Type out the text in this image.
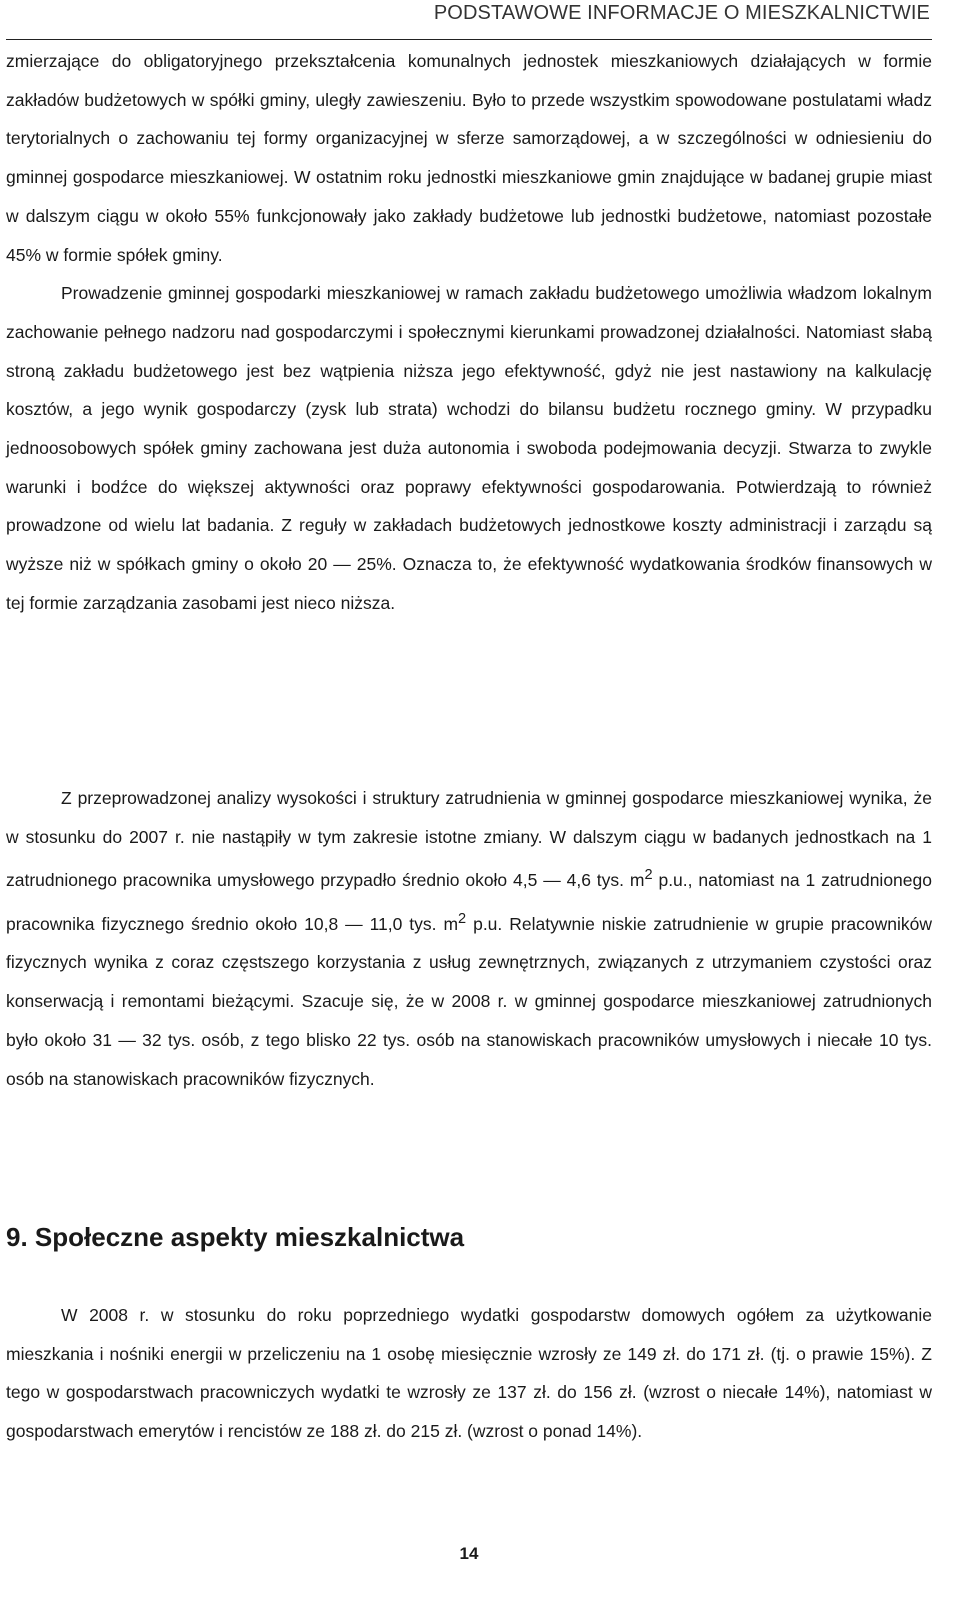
PODSTAWOWE INFORMACJE O MIESZKALNICTWIE

zmierzające do obligatoryjnego przekształcenia komunalnych jednostek mieszkaniowych działających w formie zakładów budżetowych w spółki gminy, uległy zawieszeniu. Było to przede wszystkim spowodowane postulatami władz terytorialnych o zachowaniu tej formy organizacyjnej w sferze samorządowej, a w szczególności w odniesieniu do gminnej gospodarce mieszkaniowej. W ostatnim roku jednostki mieszkaniowe gmin znajdujące w badanej grupie miast w dalszym ciągu w około 55% funkcjonowały jako zakłady budżetowe lub jednostki budżetowe, natomiast pozostałe 45% w formie spółek gminy.

Prowadzenie gminnej gospodarki mieszkaniowej w ramach zakładu budżetowego umożliwia władzom lokalnym zachowanie pełnego nadzoru nad gospodarczymi i społecznymi kierunkami prowadzonej działalności. Natomiast słabą stroną zakładu budżetowego jest bez wątpienia niższa jego efektywność, gdyż nie jest nastawiony na kalkulację kosztów, a jego wynik gospodarczy (zysk lub strata) wchodzi do bilansu budżetu rocznego gminy. W przypadku jednoosobowych spółek gminy zachowana jest duża autonomia i swoboda podejmowania decyzji. Stwarza to zwykle warunki i bodźce do większej aktywności oraz poprawy efektywności gospodarowania. Potwierdzają to również prowadzone od wielu lat badania. Z reguły w zakładach budżetowych jednostkowe koszty administracji i zarządu są wyższe niż w spółkach gminy o około 20 — 25%. Oznacza to, że efektywność wydatkowania środków finansowych w tej formie zarządzania zasobami jest nieco niższa.

Z przeprowadzonej analizy wysokości i struktury zatrudnienia w gminnej gospodarce mieszkaniowej wynika, że w stosunku do 2007 r. nie nastąpiły w tym zakresie istotne zmiany. W dalszym ciągu w badanych jednostkach na 1 zatrudnionego pracownika umysłowego przypadło średnio około 4,5 — 4,6 tys. $m^2$ p.u., natomiast na 1 zatrudnionego pracownika fizycznego średnio około 10,8 — 11,0 tys. $m^2$ p.u. Relatywnie niskie zatrudnienie w grupie pracowników fizycznych wynika z coraz częstszego korzystania z usług zewnętrznych, związanych z utrzymaniem czystości oraz konserwacją i remontami bieżącymi. Szacuje się, że w 2008 r. w gminnej gospodarce mieszkaniowej zatrudnionych było około 31 — 32 tys. osób, z tego blisko 22 tys. osób na stanowiskach pracowników umysłowych i niecałe 10 tys. osób na stanowiskach pracowników fizycznych.

9. Społeczne aspekty mieszkalnictwa

W 2008 r. w stosunku do roku poprzedniego wydatki gospodarstw domowych ogółem za użytkowanie mieszkania i nośniki energii w przeliczeniu na 1 osobę miesięcznie wzrosły ze 149 zł. do 171 zł. (tj. o prawie 15%). Z tego w gospodarstwach pracowniczych wydatki te wzrosły ze 137 zł. do 156 zł. (wzrost o niecałe 14%), natomiast w gospodarstwach emerytów i rencistów ze 188 zł. do 215 zł. (wzrost o ponad 14%).

14
